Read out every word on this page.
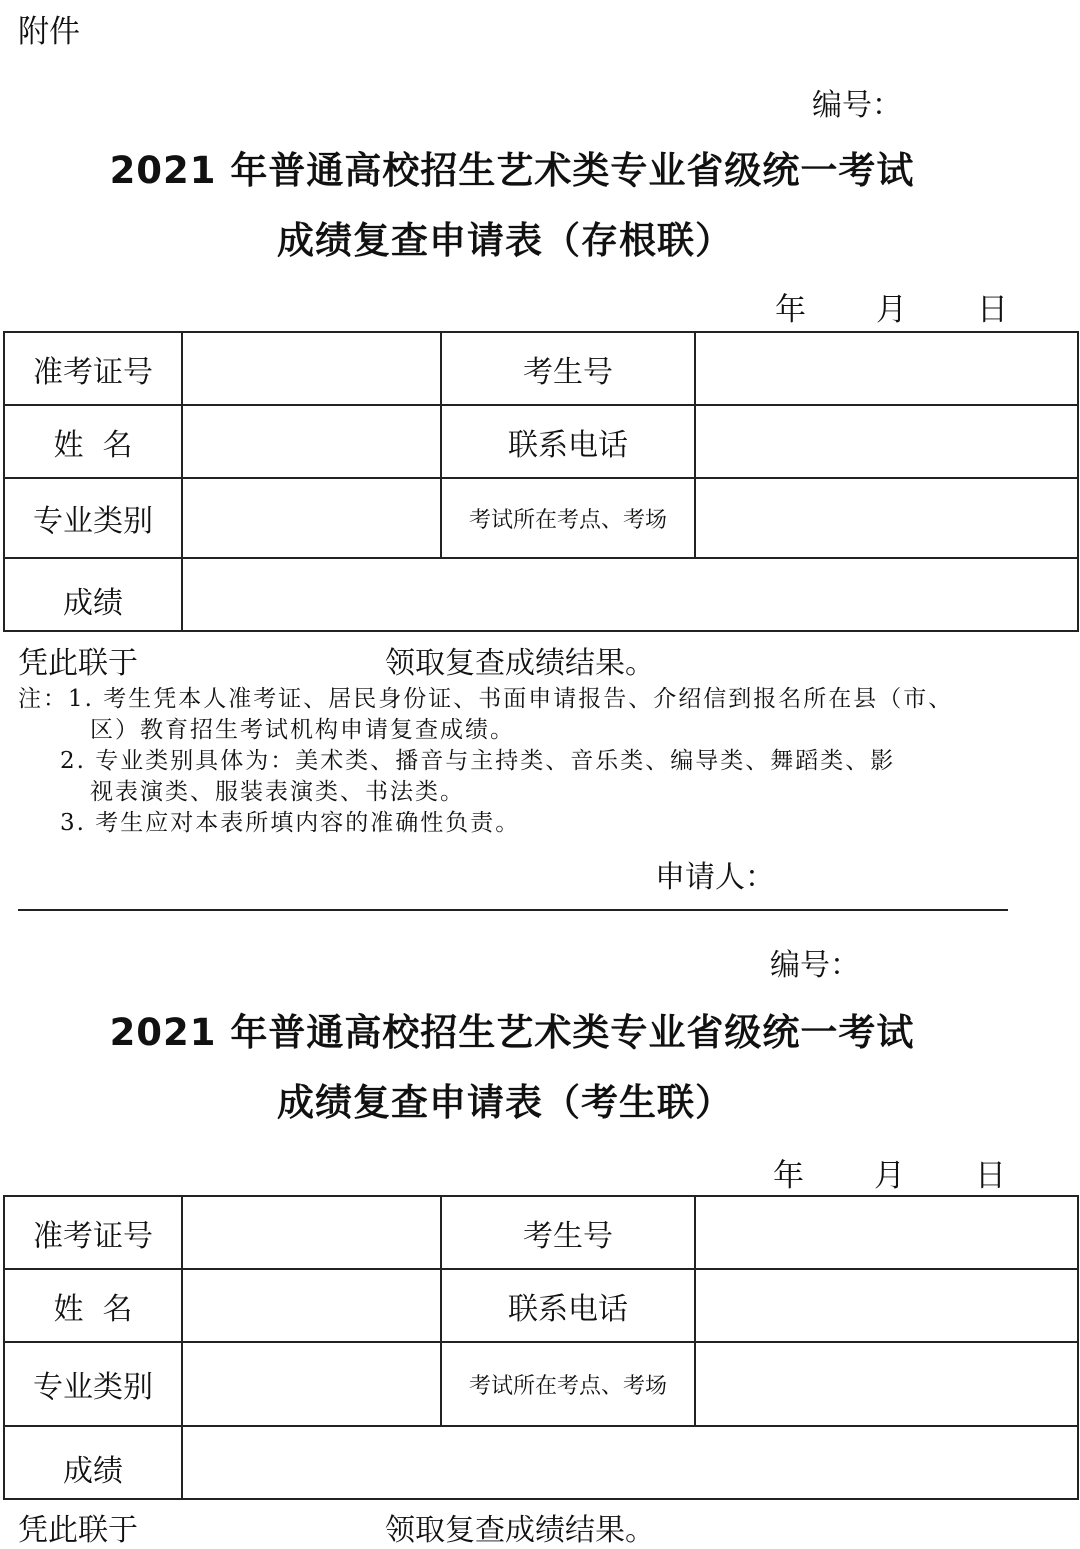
附件
编号：
2021 年普通高校招生艺术类专业省级统一考试
成绩复查申请表（存根联）
年 月 日
准考证号		考生号	
姓  名		联系电话	
专业类别		考试所在考点、考场	
成绩			
凭此联于	领取复查成绩结果。
注：1. 考生凭本人准考证、居民身份证、书面申请报告、介绍信到报名所在县（市、
区）教育招生考试机构申请复查成绩。
2. 专业类别具体为：美术类、播音与主持类、音乐类、编导类、舞蹈类、影
视表演类、服装表演类、书法类。
3. 考生应对本表所填内容的准确性负责。
申请人：
编号：
2021 年普通高校招生艺术类专业省级统一考试
成绩复查申请表（考生联）
年 月 日
准考证号		考生号	
姓  名		联系电话	
专业类别		考试所在考点、考场	
成绩			
凭此联于	领取复查成绩结果。
